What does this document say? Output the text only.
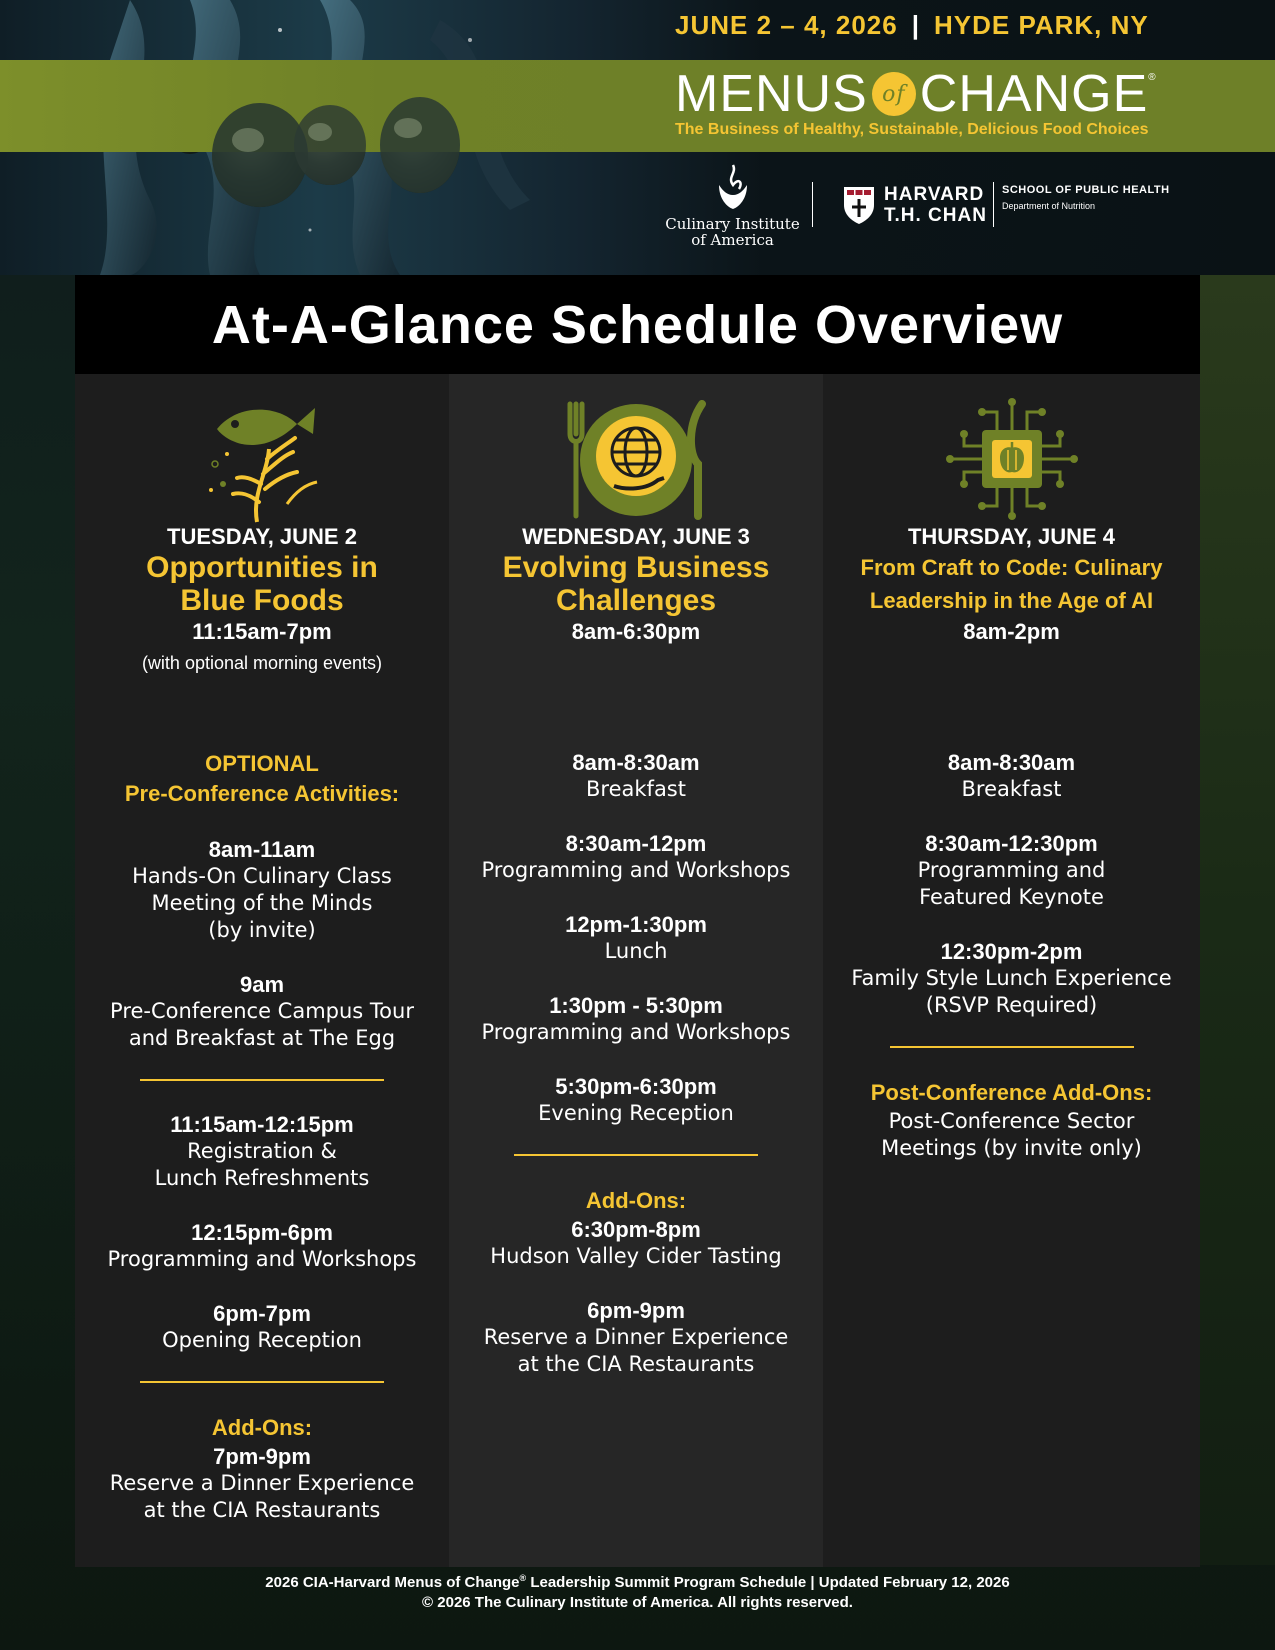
JUNE 2 – 4, 2026 | HYDE PARK, NY
MENUS of CHANGE®
The Business of Healthy, Sustainable, Delicious Food Choices
Culinary Institute
of America
HARVARD
T.H. CHAN
SCHOOL OF PUBLIC HEALTH
Department of Nutrition
At-A-Glance Schedule Overview
TUESDAY, JUNE 2
Opportunities in
Blue Foods
11:15am-7pm
(with optional morning events)
OPTIONAL
Pre-Conference Activities:
8am-11am
Hands-On Culinary Class
Meeting of the Minds
(by invite)
9am
Pre-Conference Campus Tour
and Breakfast at The Egg
11:15am-12:15pm
Registration &
Lunch Refreshments
12:15pm-6pm
Programming and Workshops
6pm-7pm
Opening Reception
Add-Ons:
7pm-9pm
Reserve a Dinner Experience
at the CIA Restaurants
WEDNESDAY, JUNE 3
Evolving Business
Challenges
8am-6:30pm
8am-8:30am
Breakfast
8:30am-12pm
Programming and Workshops
12pm-1:30pm
Lunch
1:30pm - 5:30pm
Programming and Workshops
5:30pm-6:30pm
Evening Reception
Add-Ons:
6:30pm-8pm
Hudson Valley Cider Tasting
6pm-9pm
Reserve a Dinner Experience
at the CIA Restaurants
THURSDAY, JUNE 4
From Craft to Code: Culinary
Leadership in the Age of AI
8am-2pm
8am-8:30am
Breakfast
8:30am-12:30pm
Programming and
Featured Keynote
12:30pm-2pm
Family Style Lunch Experience
(RSVP Required)
Post-Conference Add-Ons:
Post-Conference Sector
Meetings (by invite only)
2026 CIA-Harvard Menus of Change® Leadership Summit Program Schedule | Updated February 12, 2026
© 2026 The Culinary Institute of America. All rights reserved.
